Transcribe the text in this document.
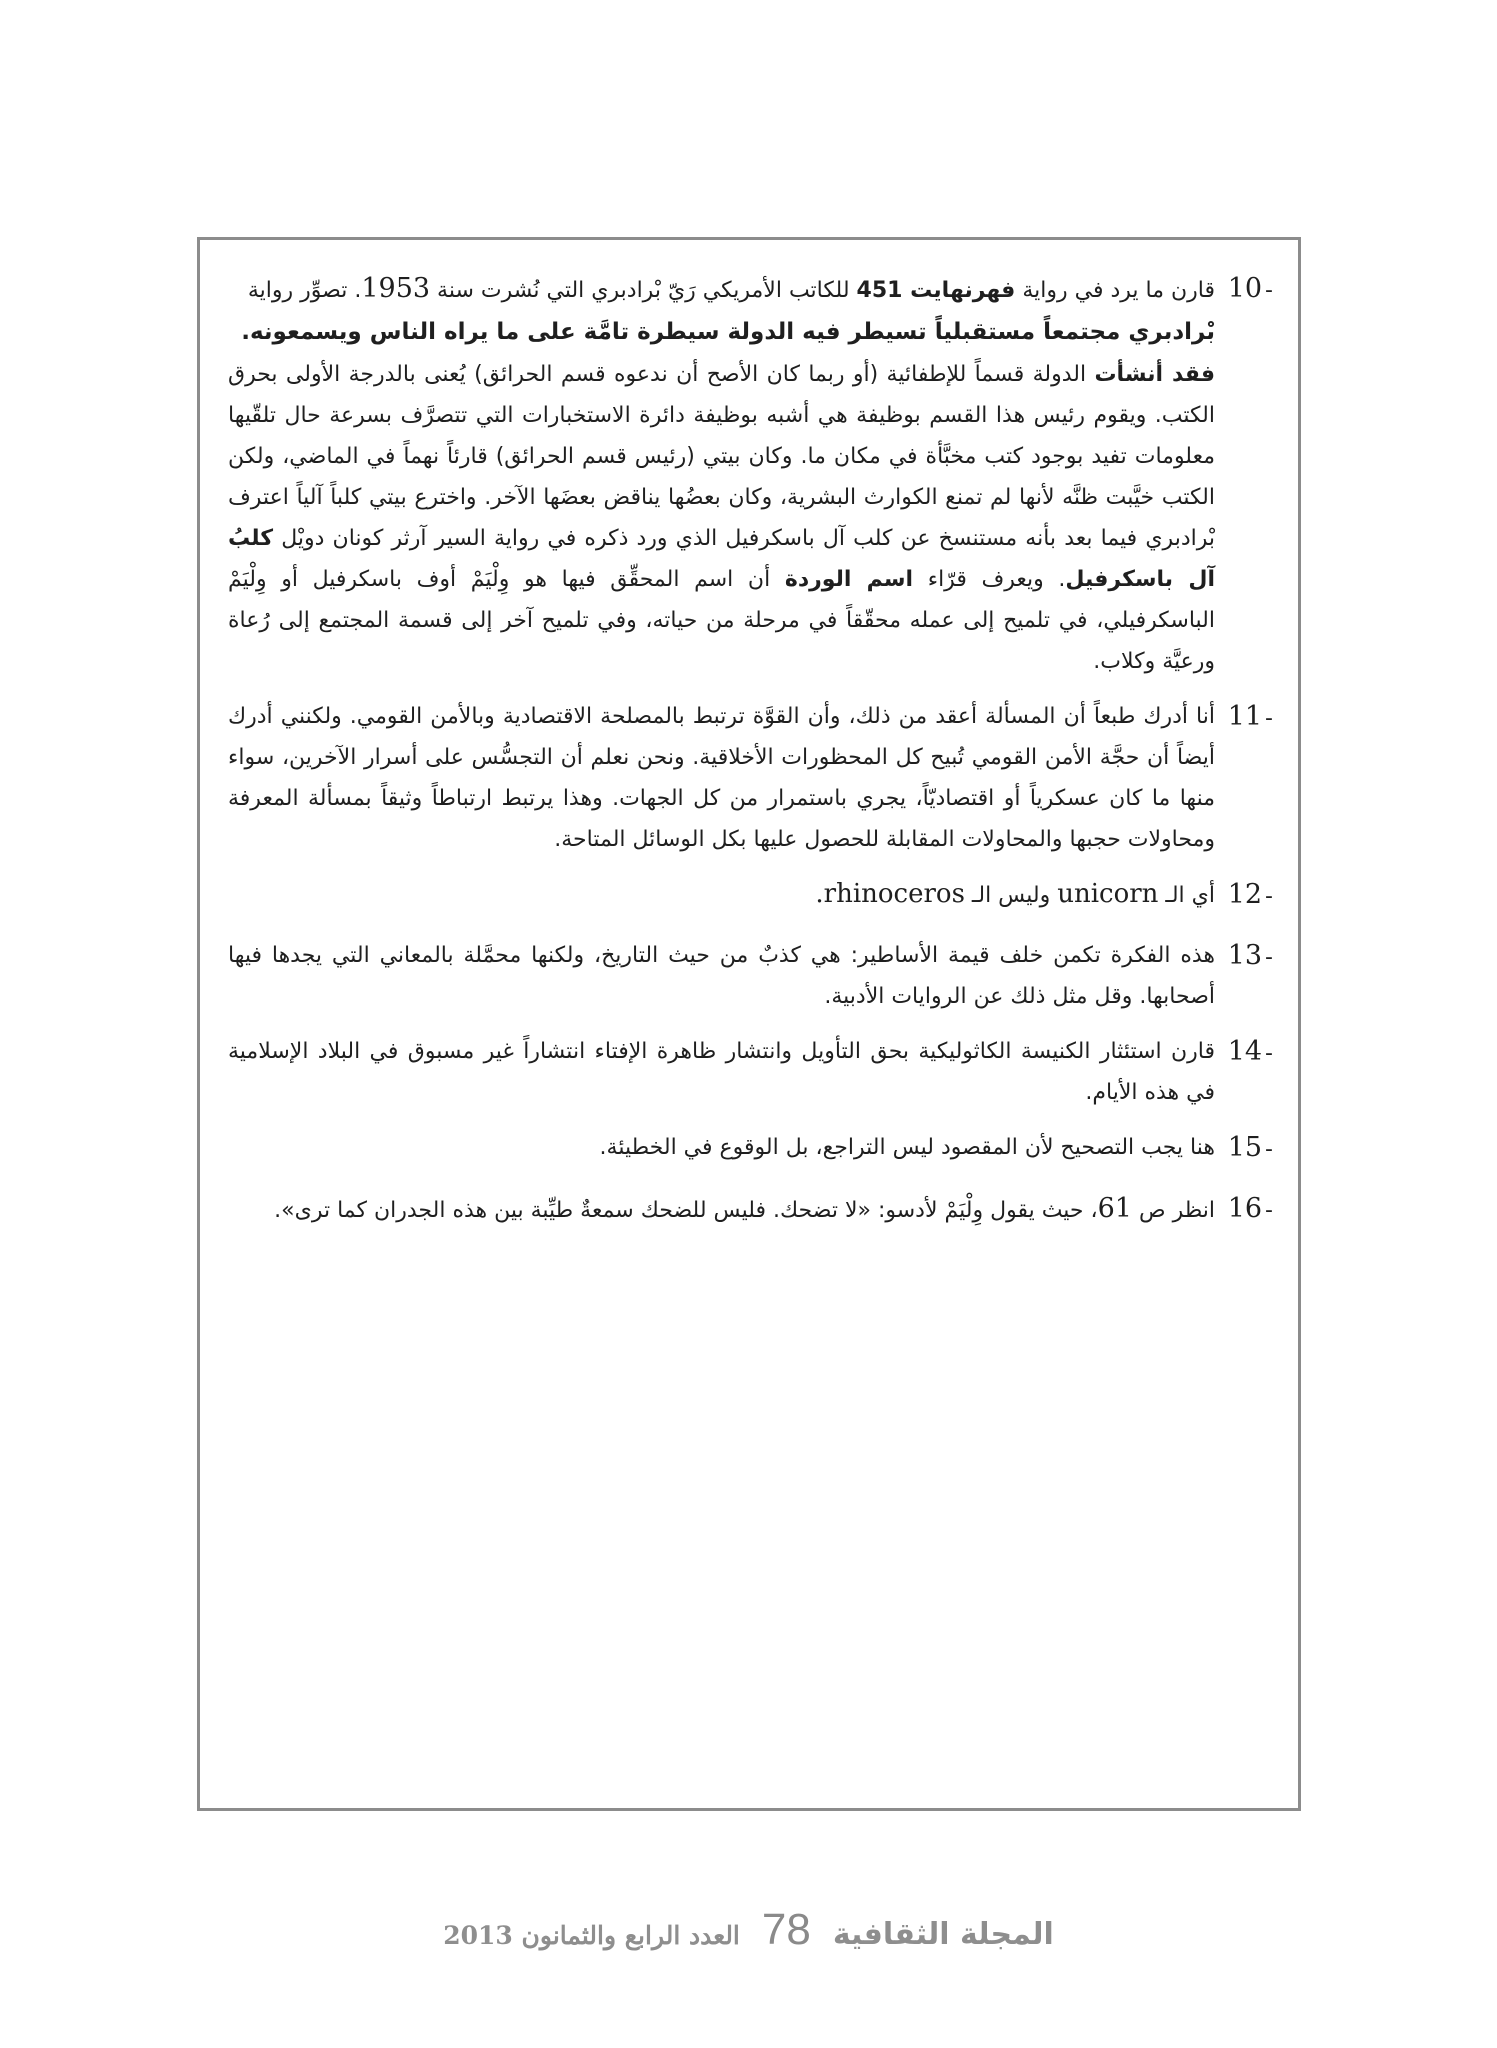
10 -

قارن ما يرد في رواية فهرنهايت 451 للكاتب الأمريكي رَيّ بْرادبري التي نُشرت سنة 1953. تصوِّر رواية

بْرادبري مجتمعاً مستقبلياً تسيطر فيه الدولة سيطرة تامَّة على ما يراه الناس ويسمعونه.

فقد أنشأت الدولة قسماً للإطفائية (أو ربما كان الأصح أن ندعوه قسم الحرائق) يُعنى بالدرجة الأولى بحرق الكتب. ويقوم رئيس هذا القسم بوظيفة هي أشبه بوظيفة دائرة الاستخبارات التي تتصرَّف بسرعة حال تلقّيها معلومات تفيد بوجود كتب مخبَّأة في مكان ما. وكان بيتي (رئيس قسم الحرائق) قارئاً نهماً في الماضي، ولكن الكتب خيَّبت ظنَّه لأنها لم تمنع الكوارث البشرية، وكان بعضُها يناقض بعضَها الآخر. واخترع بيتي كلباً آلياً اعترف بْرادبري فيما بعد بأنه مستنسخ عن كلب آل باسكرفيل الذي ورد ذكره في رواية السير آرثر كونان دويْل كلبُ آل باسكرفيل. ويعرف قرّاء اسم الوردة أن اسم المحقِّق فيها هو وِلْيَمْ أوف باسكرفيل أو وِلْيَمْ الباسكرفيلي، في تلميح إلى عمله محقّقاً في مرحلة من حياته، وفي تلميح آخر إلى قسمة المجتمع إلى رُعاة ورعيَّة وكلاب.

11 -

أنا أدرك طبعاً أن المسألة أعقد من ذلك، وأن القوَّة ترتبط بالمصلحة الاقتصادية وبالأمن القومي. ولكنني أدرك أيضاً أن حجَّة الأمن القومي تُبيح كل المحظورات الأخلاقية. ونحن نعلم أن التجسُّس على أسرار الآخرين، سواء منها ما كان عسكرياً أو اقتصاديّاً، يجري باستمرار من كل الجهات. وهذا يرتبط ارتباطاً وثيقاً بمسألة المعرفة ومحاولات حجبها والمحاولات المقابلة للحصول عليها بكل الوسائل المتاحة.

12 -

أي الـ unicorn وليس الـ rhinoceros.

13 -

هذه الفكرة تكمن خلف قيمة الأساطير: هي كذبٌ من حيث التاريخ، ولكنها محمَّلة بالمعاني التي يجدها فيها أصحابها. وقل مثل ذلك عن الروايات الأدبية.

14 -

قارن استئثار الكنيسة الكاثوليكية بحق التأويل وانتشار ظاهرة الإفتاء انتشاراً غير مسبوق في البلاد الإسلامية في هذه الأيام.

15 -

هنا يجب التصحيح لأن المقصود ليس التراجع، بل الوقوع في الخطيئة.

16 -

انظر ص 61، حيث يقول وِلْيَمْ لأدسو: «لا تضحك. فليس للضحك سمعةٌ طيِّبة بين هذه الجدران كما ترى».

المجلة الثقافية
78
العدد الرابع والثمانون 2013
